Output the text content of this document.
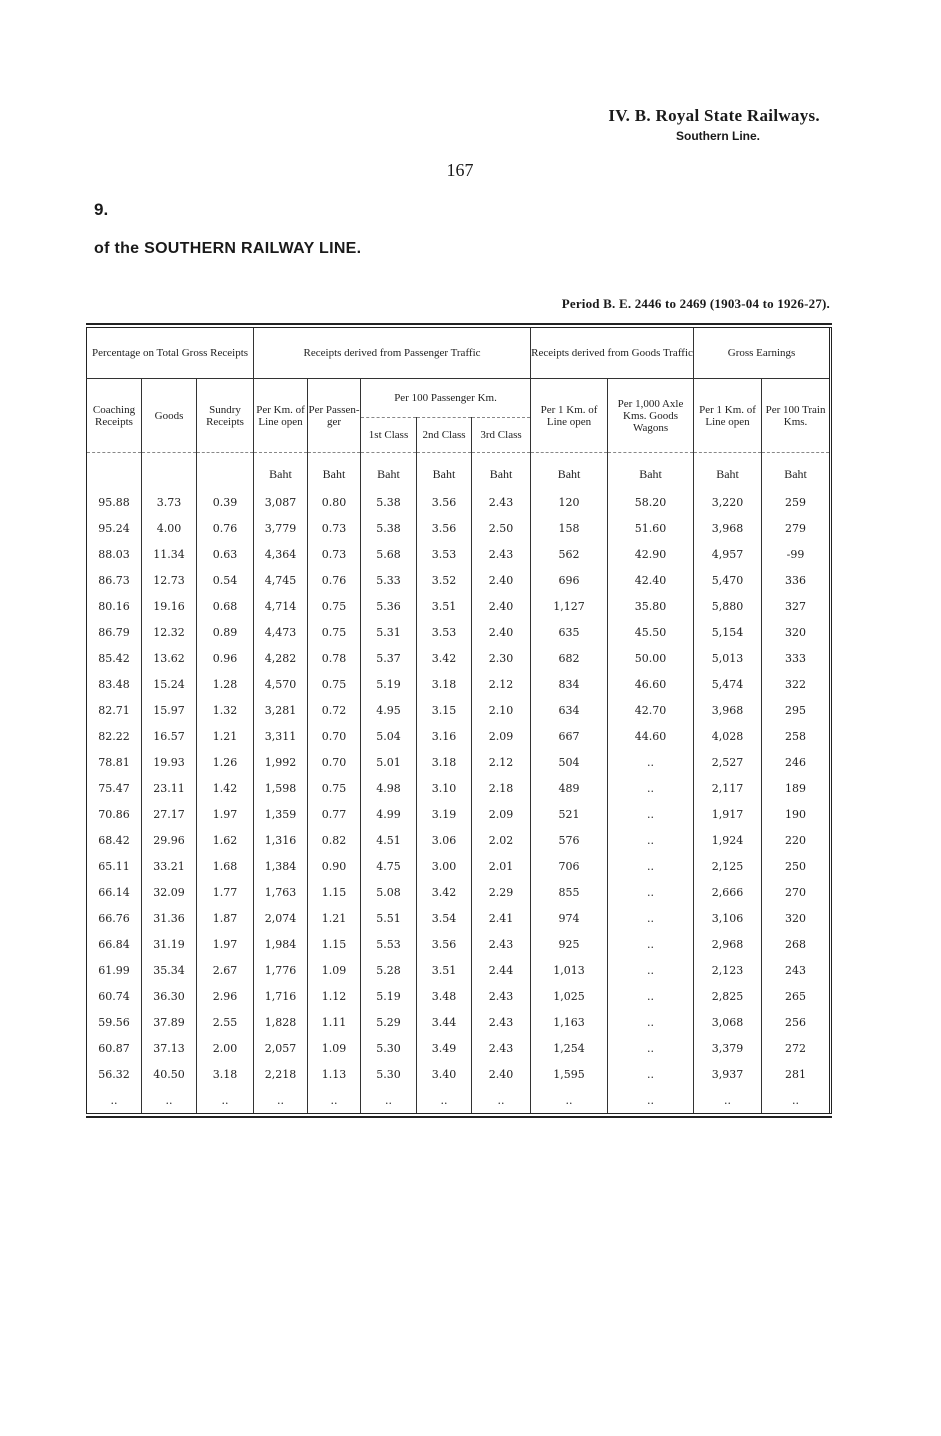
IV. B. Royal State Railways.
Southern Line.
167
9.
of the SOUTHERN RAILWAY LINE.
Period B. E. 2446 to 2469 (1903-04 to 1926-27).
Percentage on Total Gross Receipts			Receipts derived from Passenger Traffic					Receipts derived from Goods Traffic		Gross Earnings	
Coaching Receipts	Goods	Sundry Receipts	Per Km. of Line open	Per Passen- ger	Per 100 Passenger Km.			Per 1 Km. of Line open	Per 1,000 Axle Kms. Goods Wagons	Per 1 Km. of Line open	Per 100 Train Kms.
					1st Class	2nd Class	3rd Class				
			Baht	Baht	Baht	Baht	Baht	Baht	Baht	Baht	Baht
95.88	3.73	0.39	3,087	0.80	5.38	3.56	2.43	120	58.20	3,220	259
95.24	4.00	0.76	3,779	0.73	5.38	3.56	2.50	158	51.60	3,968	279
88.03	11.34	0.63	4,364	0.73	5.68	3.53	2.43	562	42.90	4,957	-99
86.73	12.73	0.54	4,745	0.76	5.33	3.52	2.40	696	42.40	5,470	336
80.16	19.16	0.68	4,714	0.75	5.36	3.51	2.40	1,127	35.80	5,880	327
86.79	12.32	0.89	4,473	0.75	5.31	3.53	2.40	635	45.50	5,154	320
85.42	13.62	0.96	4,282	0.78	5.37	3.42	2.30	682	50.00	5,013	333
83.48	15.24	1.28	4,570	0.75	5.19	3.18	2.12	834	46.60	5,474	322
82.71	15.97	1.32	3,281	0.72	4.95	3.15	2.10	634	42.70	3,968	295
82.22	16.57	1.21	3,311	0.70	5.04	3.16	2.09	667	44.60	4,028	258
78.81	19.93	1.26	1,992	0.70	5.01	3.18	2.12	504	..	2,527	246
75.47	23.11	1.42	1,598	0.75	4.98	3.10	2.18	489	..	2,117	189
70.86	27.17	1.97	1,359	0.77	4.99	3.19	2.09	521	..	1,917	190
68.42	29.96	1.62	1,316	0.82	4.51	3.06	2.02	576	..	1,924	220
65.11	33.21	1.68	1,384	0.90	4.75	3.00	2.01	706	..	2,125	250
66.14	32.09	1.77	1,763	1.15	5.08	3.42	2.29	855	..	2,666	270
66.76	31.36	1.87	2,074	1.21	5.51	3.54	2.41	974	..	3,106	320
66.84	31.19	1.97	1,984	1.15	5.53	3.56	2.43	925	..	2,968	268
61.99	35.34	2.67	1,776	1.09	5.28	3.51	2.44	1,013	..	2,123	243
60.74	36.30	2.96	1,716	1.12	5.19	3.48	2.43	1,025	..	2,825	265
59.56	37.89	2.55	1,828	1.11	5.29	3.44	2.43	1,163	..	3,068	256
60.87	37.13	2.00	2,057	1.09	5.30	3.49	2.43	1,254	..	3,379	272
56.32	40.50	3.18	2,218	1.13	5.30	3.40	2.40	1,595	..	3,937	281
..	..	..	..	..	..	..	..	..	..	..	..
